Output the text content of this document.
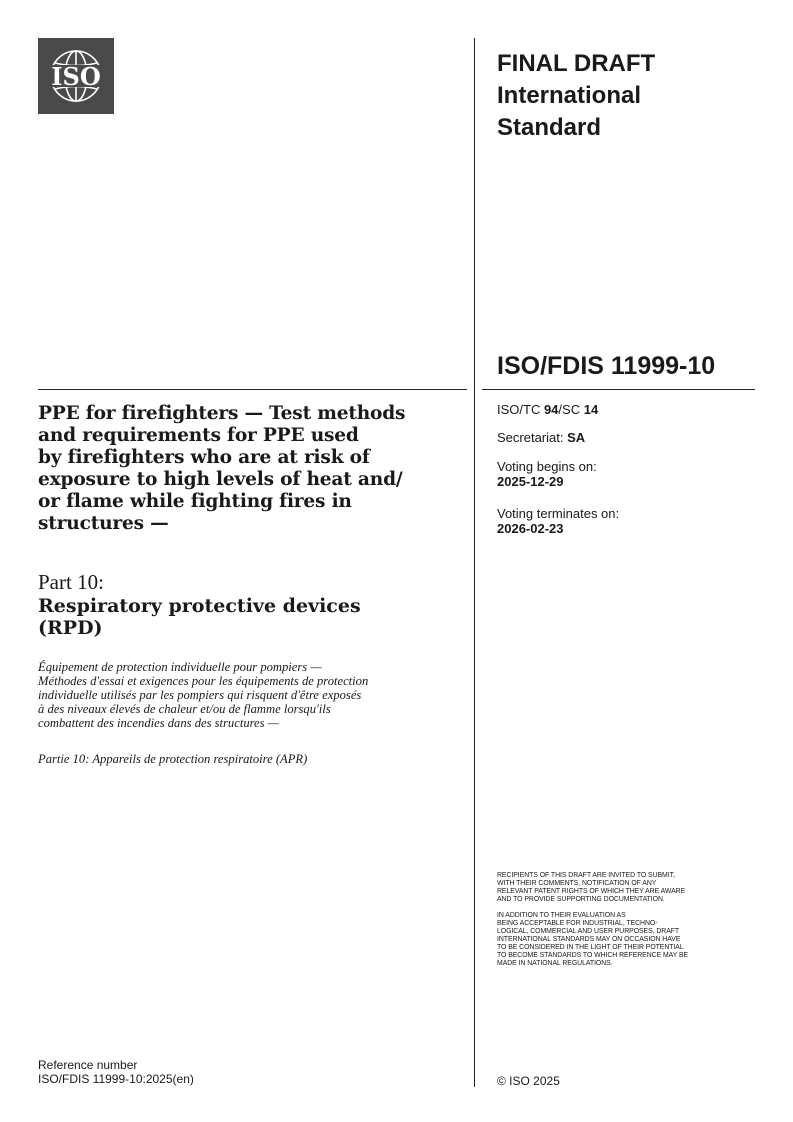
ISO	FINAL DRAFT
International
Standard
ISO/FDIS 11999-10
ISO/TC 94/SC 14
Secretariat: SA
Voting begins on:
2025-12-29
Voting terminates on:
2026-02-23
PPE for firefighters — Test methods
and requirements for PPE used
by firefighters who are at risk of
exposure to high levels of heat and/
or flame while fighting fires in
structures —
Part 10:
Respiratory protective devices
(RPD)
Équipement de protection individuelle pour pompiers —
Méthodes d'essai et exigences pour les équipements de protection
individuelle utilisés par les pompiers qui risquent d'être exposés
à des niveaux élevés de chaleur et/ou de flamme lorsqu'ils
combattent des incendies dans des structures —
Partie 10: Appareils de protection respiratoire (APR)
RECIPIENTS OF THIS DRAFT ARE INVITED TO SUBMIT,
WITH THEIR COMMENTS, NOTIFICATION OF ANY
RELEVANT PATENT RIGHTS OF WHICH THEY ARE AWARE
AND TO PROVIDE SUPPORTING DOCUMENTATION.
IN ADDITION TO THEIR EVALUATION AS
BEING ACCEPTABLE FOR INDUSTRIAL, TECHNO-
LOGICAL, COMMERCIAL AND USER PURPOSES, DRAFT
INTERNATIONAL STANDARDS MAY ON OCCASION HAVE
TO BE CONSIDERED IN THE LIGHT OF THEIR POTENTIAL
TO BECOME STANDARDS TO WHICH REFERENCE MAY BE
MADE IN NATIONAL REGULATIONS.
Reference number
ISO/FDIS 11999-10:2025(en)	© ISO 2025
